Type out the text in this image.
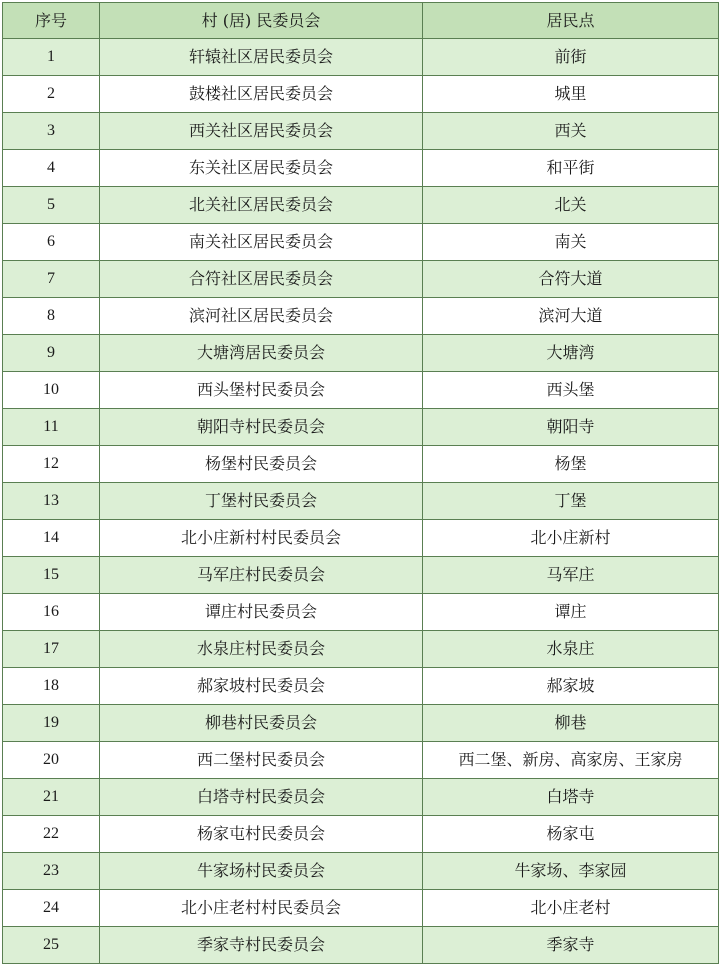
序号	村 (居) 民委员会	居民点
1	轩辕社区居民委员会	前街
2	鼓楼社区居民委员会	城里
3	西关社区居民委员会	西关
4	东关社区居民委员会	和平街
5	北关社区居民委员会	北关
6	南关社区居民委员会	南关
7	合符社区居民委员会	合符大道
8	滨河社区居民委员会	滨河大道
9	大塘湾居民委员会	大塘湾
10	西头堡村民委员会	西头堡
11	朝阳寺村民委员会	朝阳寺
12	杨堡村民委员会	杨堡
13	丁堡村民委员会	丁堡
14	北小庄新村村民委员会	北小庄新村
15	马军庄村民委员会	马军庄
16	谭庄村民委员会	谭庄
17	水泉庄村民委员会	水泉庄
18	郝家坡村民委员会	郝家坡
19	柳巷村民委员会	柳巷
20	西二堡村民委员会	西二堡、新房、高家房、王家房
21	白塔寺村民委员会	白塔寺
22	杨家屯村民委员会	杨家屯
23	牛家场村民委员会	牛家场、李家园
24	北小庄老村村民委员会	北小庄老村
25	季家寺村民委员会	季家寺
